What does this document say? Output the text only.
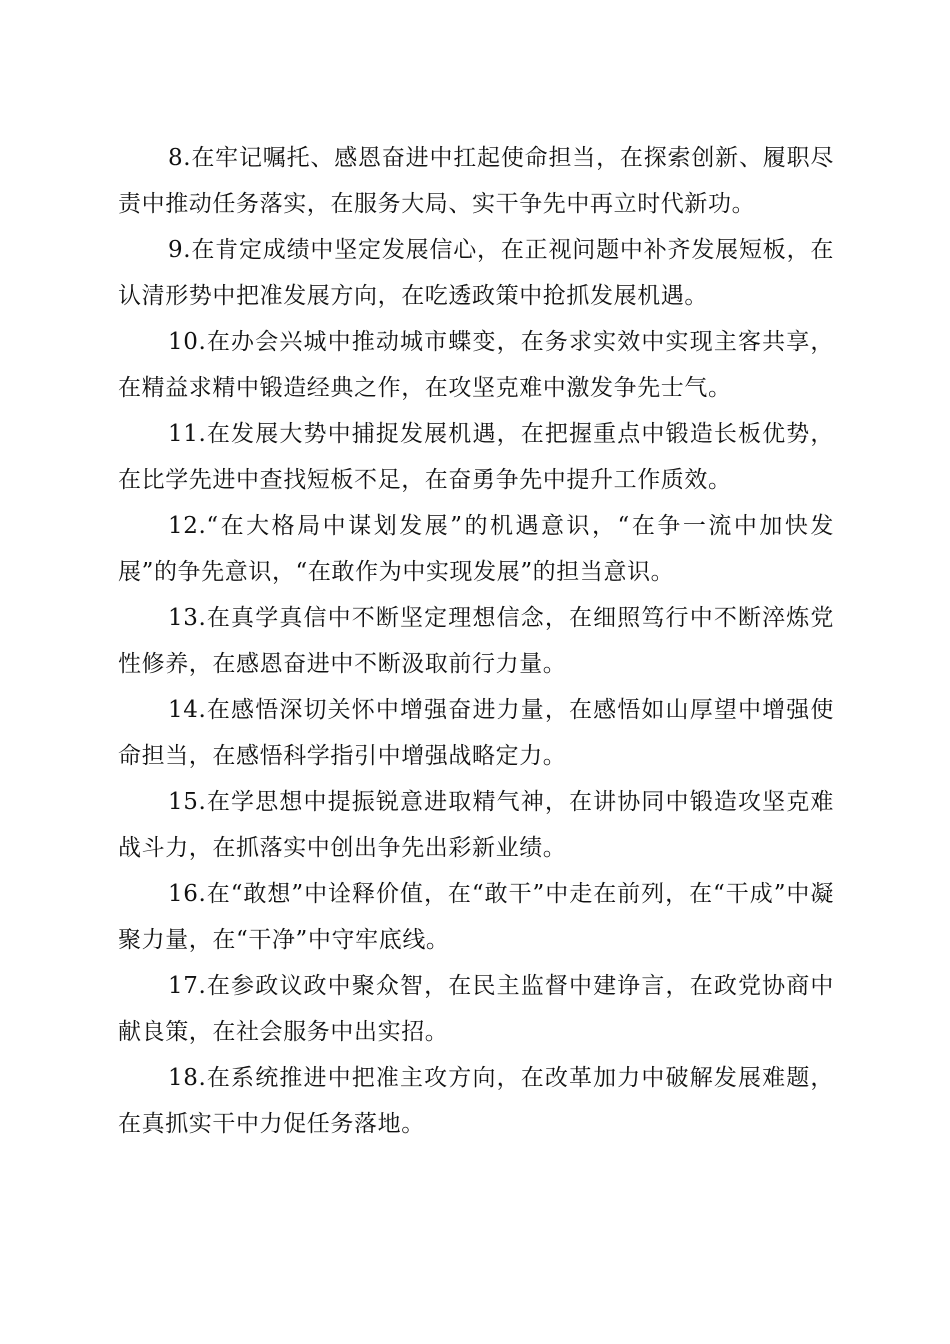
8.在牢记嘱托、感恩奋进中扛起使命担当，在探索创新、履职尽责中推动任务落实，在服务大局、实干争先中再立时代新功。

9.在肯定成绩中坚定发展信心，在正视问题中补齐发展短板，在认清形势中把准发展方向，在吃透政策中抢抓发展机遇。

10.在办会兴城中推动城市蝶变，在务求实效中实现主客共享，在精益求精中锻造经典之作，在攻坚克难中激发争先士气。

11.在发展大势中捕捉发展机遇，在把握重点中锻造长板优势，在比学先进中查找短板不足，在奋勇争先中提升工作质效。

12.“在大格局中谋划发展”的机遇意识，“在争一流中加快发展”的争先意识，“在敢作为中实现发展”的担当意识。

13.在真学真信中不断坚定理想信念，在细照笃行中不断淬炼党性修养，在感恩奋进中不断汲取前行力量。

14.在感悟深切关怀中增强奋进力量，在感悟如山厚望中增强使命担当，在感悟科学指引中增强战略定力。

15.在学思想中提振锐意进取精气神，在讲协同中锻造攻坚克难战斗力，在抓落实中创出争先出彩新业绩。

16.在“敢想”中诠释价值，在“敢干”中走在前列，在“干成”中凝聚力量，在“干净”中守牢底线。

17.在参政议政中聚众智，在民主监督中建诤言，在政党协商中献良策，在社会服务中出实招。

18.在系统推进中把准主攻方向，在改革加力中破解发展难题，在真抓实干中力促任务落地。
